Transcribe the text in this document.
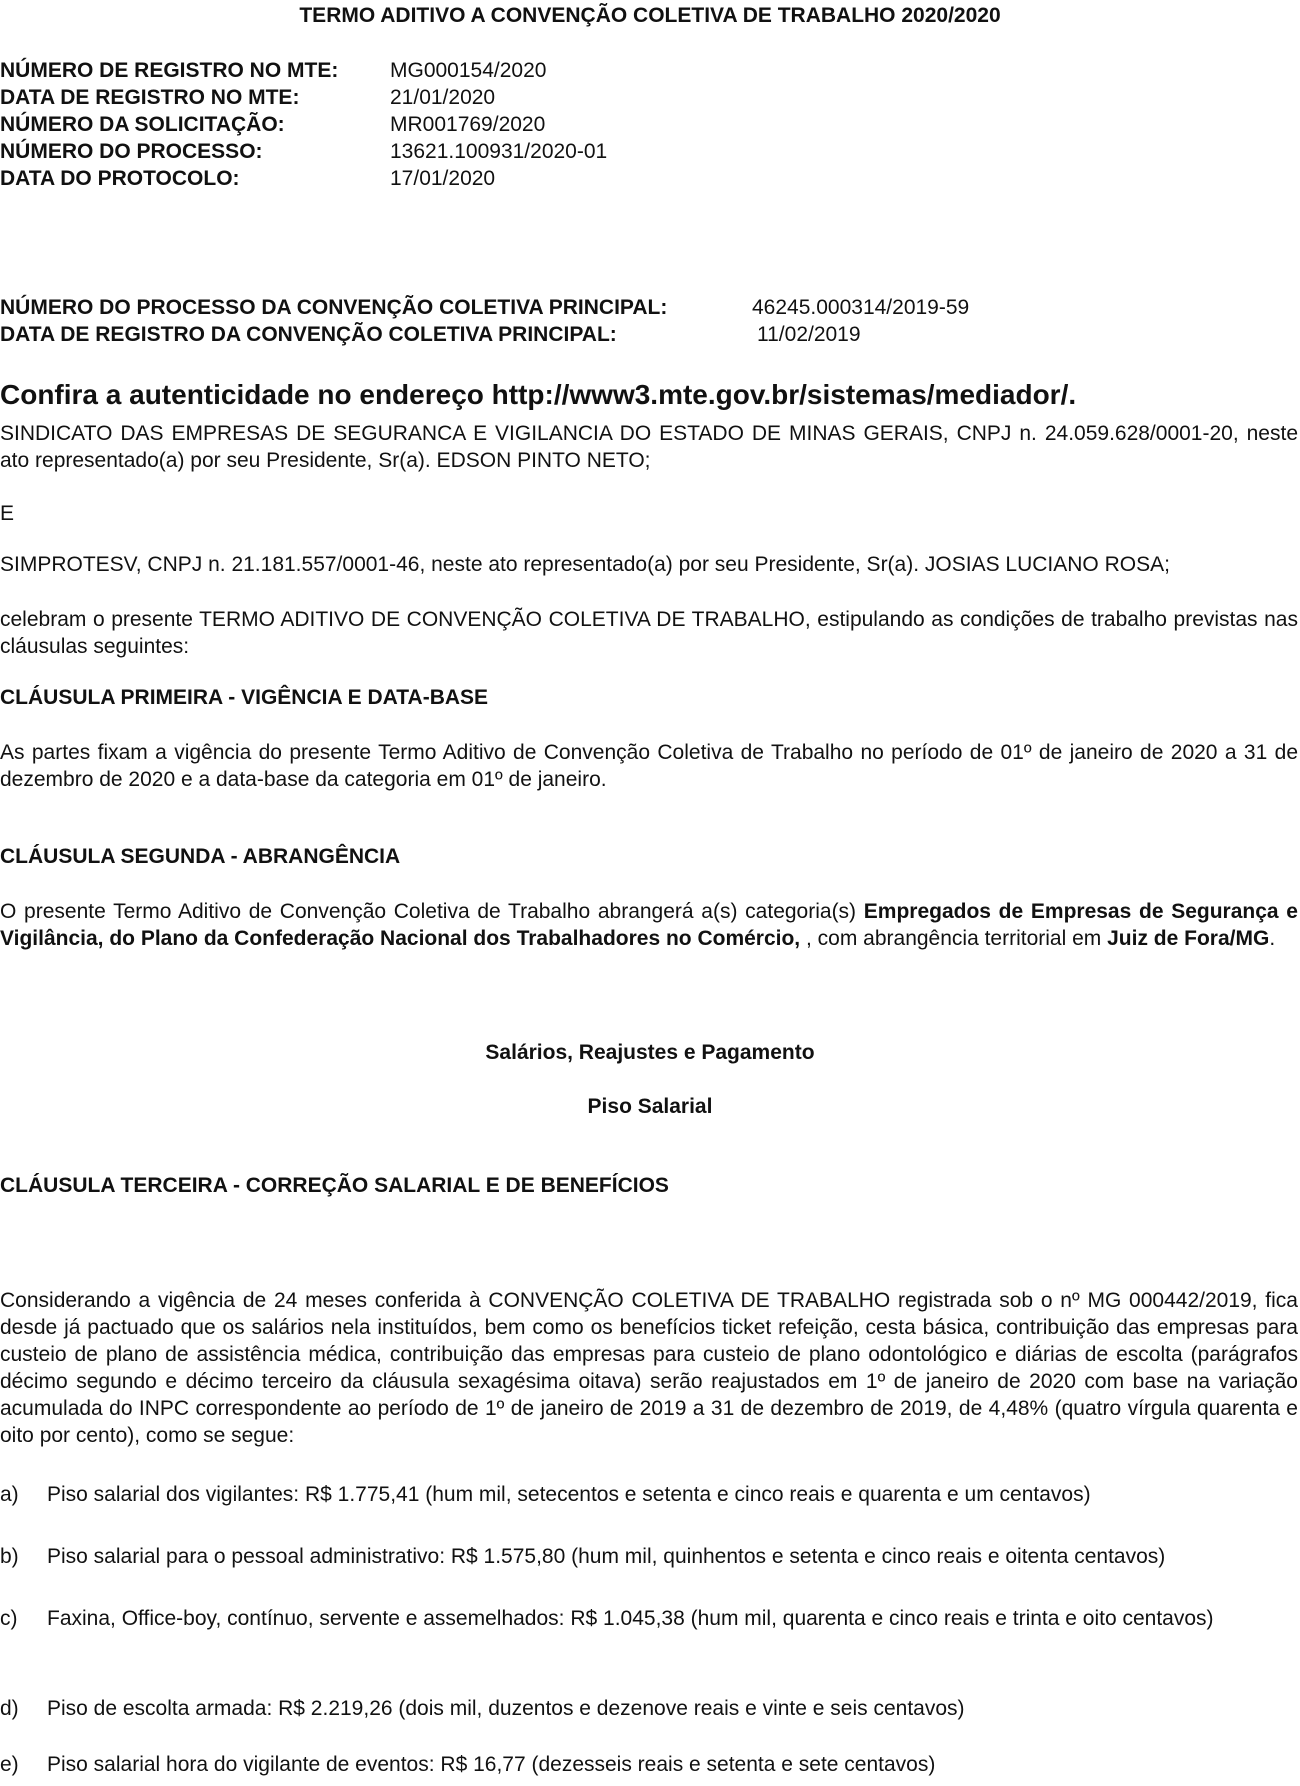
TERMO ADITIVO A CONVENÇÃO COLETIVA DE TRABALHO 2020/2020
NÚMERO DE REGISTRO NO MTE: MG000154/2020
DATA DE REGISTRO NO MTE:	21/01/2020
NÚMERO DA SOLICITAÇÃO:	MR001769/2020
NÚMERO DO PROCESSO:	13621.100931/2020-01
DATA DO PROTOCOLO:	17/01/2020
NÚMERO DO PROCESSO DA CONVENÇÃO COLETIVA PRINCIPAL:	46245.000314/2019-59
DATA DE REGISTRO DA CONVENÇÃO COLETIVA PRINCIPAL:	11/02/2019
Confira a autenticidade no endereço http://www3.mte.gov.br/sistemas/mediador/.
SINDICATO DAS EMPRESAS DE SEGURANCA E VIGILANCIA DO ESTADO DE MINAS GERAIS, CNPJ n. 24.059.628/0001-20, neste ato representado(a) por seu Presidente, Sr(a). EDSON PINTO NETO;
E
SIMPROTESV, CNPJ n. 21.181.557/0001-46, neste ato representado(a) por seu Presidente, Sr(a). JOSIAS LUCIANO ROSA;
celebram o presente TERMO ADITIVO DE CONVENÇÃO COLETIVA DE TRABALHO, estipulando as condições de trabalho previstas nas cláusulas seguintes:
CLÁUSULA PRIMEIRA - VIGÊNCIA E DATA-BASE
As partes fixam a vigência do presente Termo Aditivo de Convenção Coletiva de Trabalho no período de 01º de janeiro de 2020 a 31 de dezembro de 2020 e a data-base da categoria em 01º de janeiro.
CLÁUSULA SEGUNDA - ABRANGÊNCIA
O presente Termo Aditivo de Convenção Coletiva de Trabalho abrangerá a(s) categoria(s) Empregados de Empresas de Segurança e Vigilância, do Plano da Confederação Nacional dos Trabalhadores no Comércio, , com abrangência territorial em Juiz de Fora/MG.
Salários, Reajustes e Pagamento
Piso Salarial
CLÁUSULA TERCEIRA - CORREÇÃO SALARIAL E DE BENEFÍCIOS
Considerando a vigência de 24 meses conferida à CONVENÇÃO COLETIVA DE TRABALHO registrada sob o nº MG 000442/2019, fica desde já pactuado que os salários nela instituídos, bem como os benefícios ticket refeição, cesta básica, contribuição das empresas para custeio de plano de assistência médica, contribuição das empresas para custeio de plano odontológico e diárias de escolta (parágrafos décimo segundo e décimo terceiro da cláusula sexagésima oitava) serão reajustados em 1º de janeiro de 2020 com base na variação acumulada do INPC correspondente ao período de 1º de janeiro de 2019 a 31 de dezembro de 2019, de 4,48% (quatro vírgula quarenta e oito por cento), como se segue:
a) Piso salarial dos vigilantes: R$ 1.775,41 (hum mil, setecentos e setenta e cinco reais e quarenta e um centavos)
b) Piso salarial para o pessoal administrativo: R$ 1.575,80 (hum mil, quinhentos e setenta e cinco reais e oitenta centavos)
c) Faxina, Office-boy, contínuo, servente e assemelhados: R$ 1.045,38 (hum mil, quarenta e cinco reais e trinta e oito centavos)
d) Piso de escolta armada: R$ 2.219,26 (dois mil, duzentos e dezenove reais e vinte e seis centavos)
e) Piso salarial hora do vigilante de eventos: R$ 16,77 (dezesseis reais e setenta e sete centavos)
